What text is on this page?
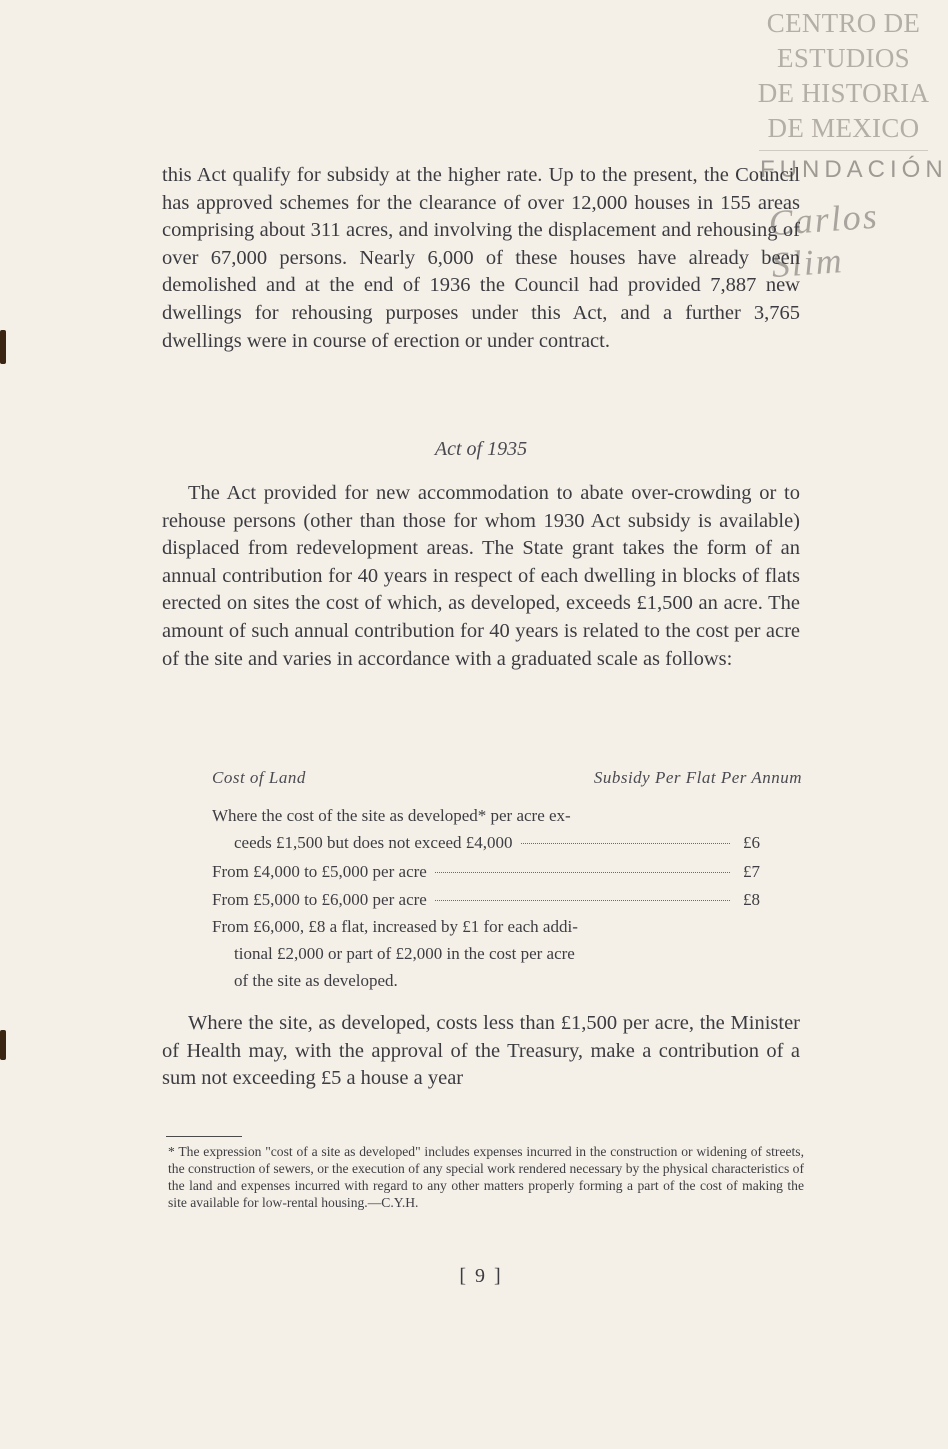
CENTRO DE
ESTUDIOS
DE HISTORIA
DE MEXICO
FUNDACIÓN
Carlos Slim
this Act qualify for subsidy at the higher rate. Up to the present, the Council has approved schemes for the clearance of over 12,000 houses in 155 areas comprising about 311 acres, and involving the displacement and rehousing of over 67,000 persons. Nearly 6,000 of these houses have already been demolished and at the end of 1936 the Council had provided 7,887 new dwellings for rehousing purposes under this Act, and a further 3,765 dwellings were in course of erection or under contract.
Act of 1935
The Act provided for new accommodation to abate over-crowding or to rehouse persons (other than those for whom 1930 Act subsidy is available) displaced from redevelopment areas. The State grant takes the form of an annual contribution for 40 years in respect of each dwelling in blocks of flats erected on sites the cost of which, as developed, exceeds £1,500 an acre. The amount of such annual contribution for 40 years is related to the cost per acre of the site and varies in accordance with a graduated scale as follows:
Cost of Land	Subsidy Per Flat Per Annum
Where the cost of the site as developed* per acre ex-
ceeds £1,500 but does not exceed £4,000	£6
From £4,000 to £5,000 per acre	£7
From £5,000 to £6,000 per acre	£8
From £6,000, £8 a flat, increased by £1 for each addi-
tional £2,000 or part of £2,000 in the cost per acre
of the site as developed.
Where the site, as developed, costs less than £1,500 per acre, the Minister of Health may, with the approval of the Treasury, make a contribution of a sum not exceeding £5 a house a year
* The expression "cost of a site as developed" includes expenses incurred in the construction or widening of streets, the construction of sewers, or the execution of any special work rendered necessary by the physical characteristics of the land and expenses incurred with regard to any other matters properly forming a part of the cost of making the site available for low-rental housing.—C.Y.H.
[ 9 ]
